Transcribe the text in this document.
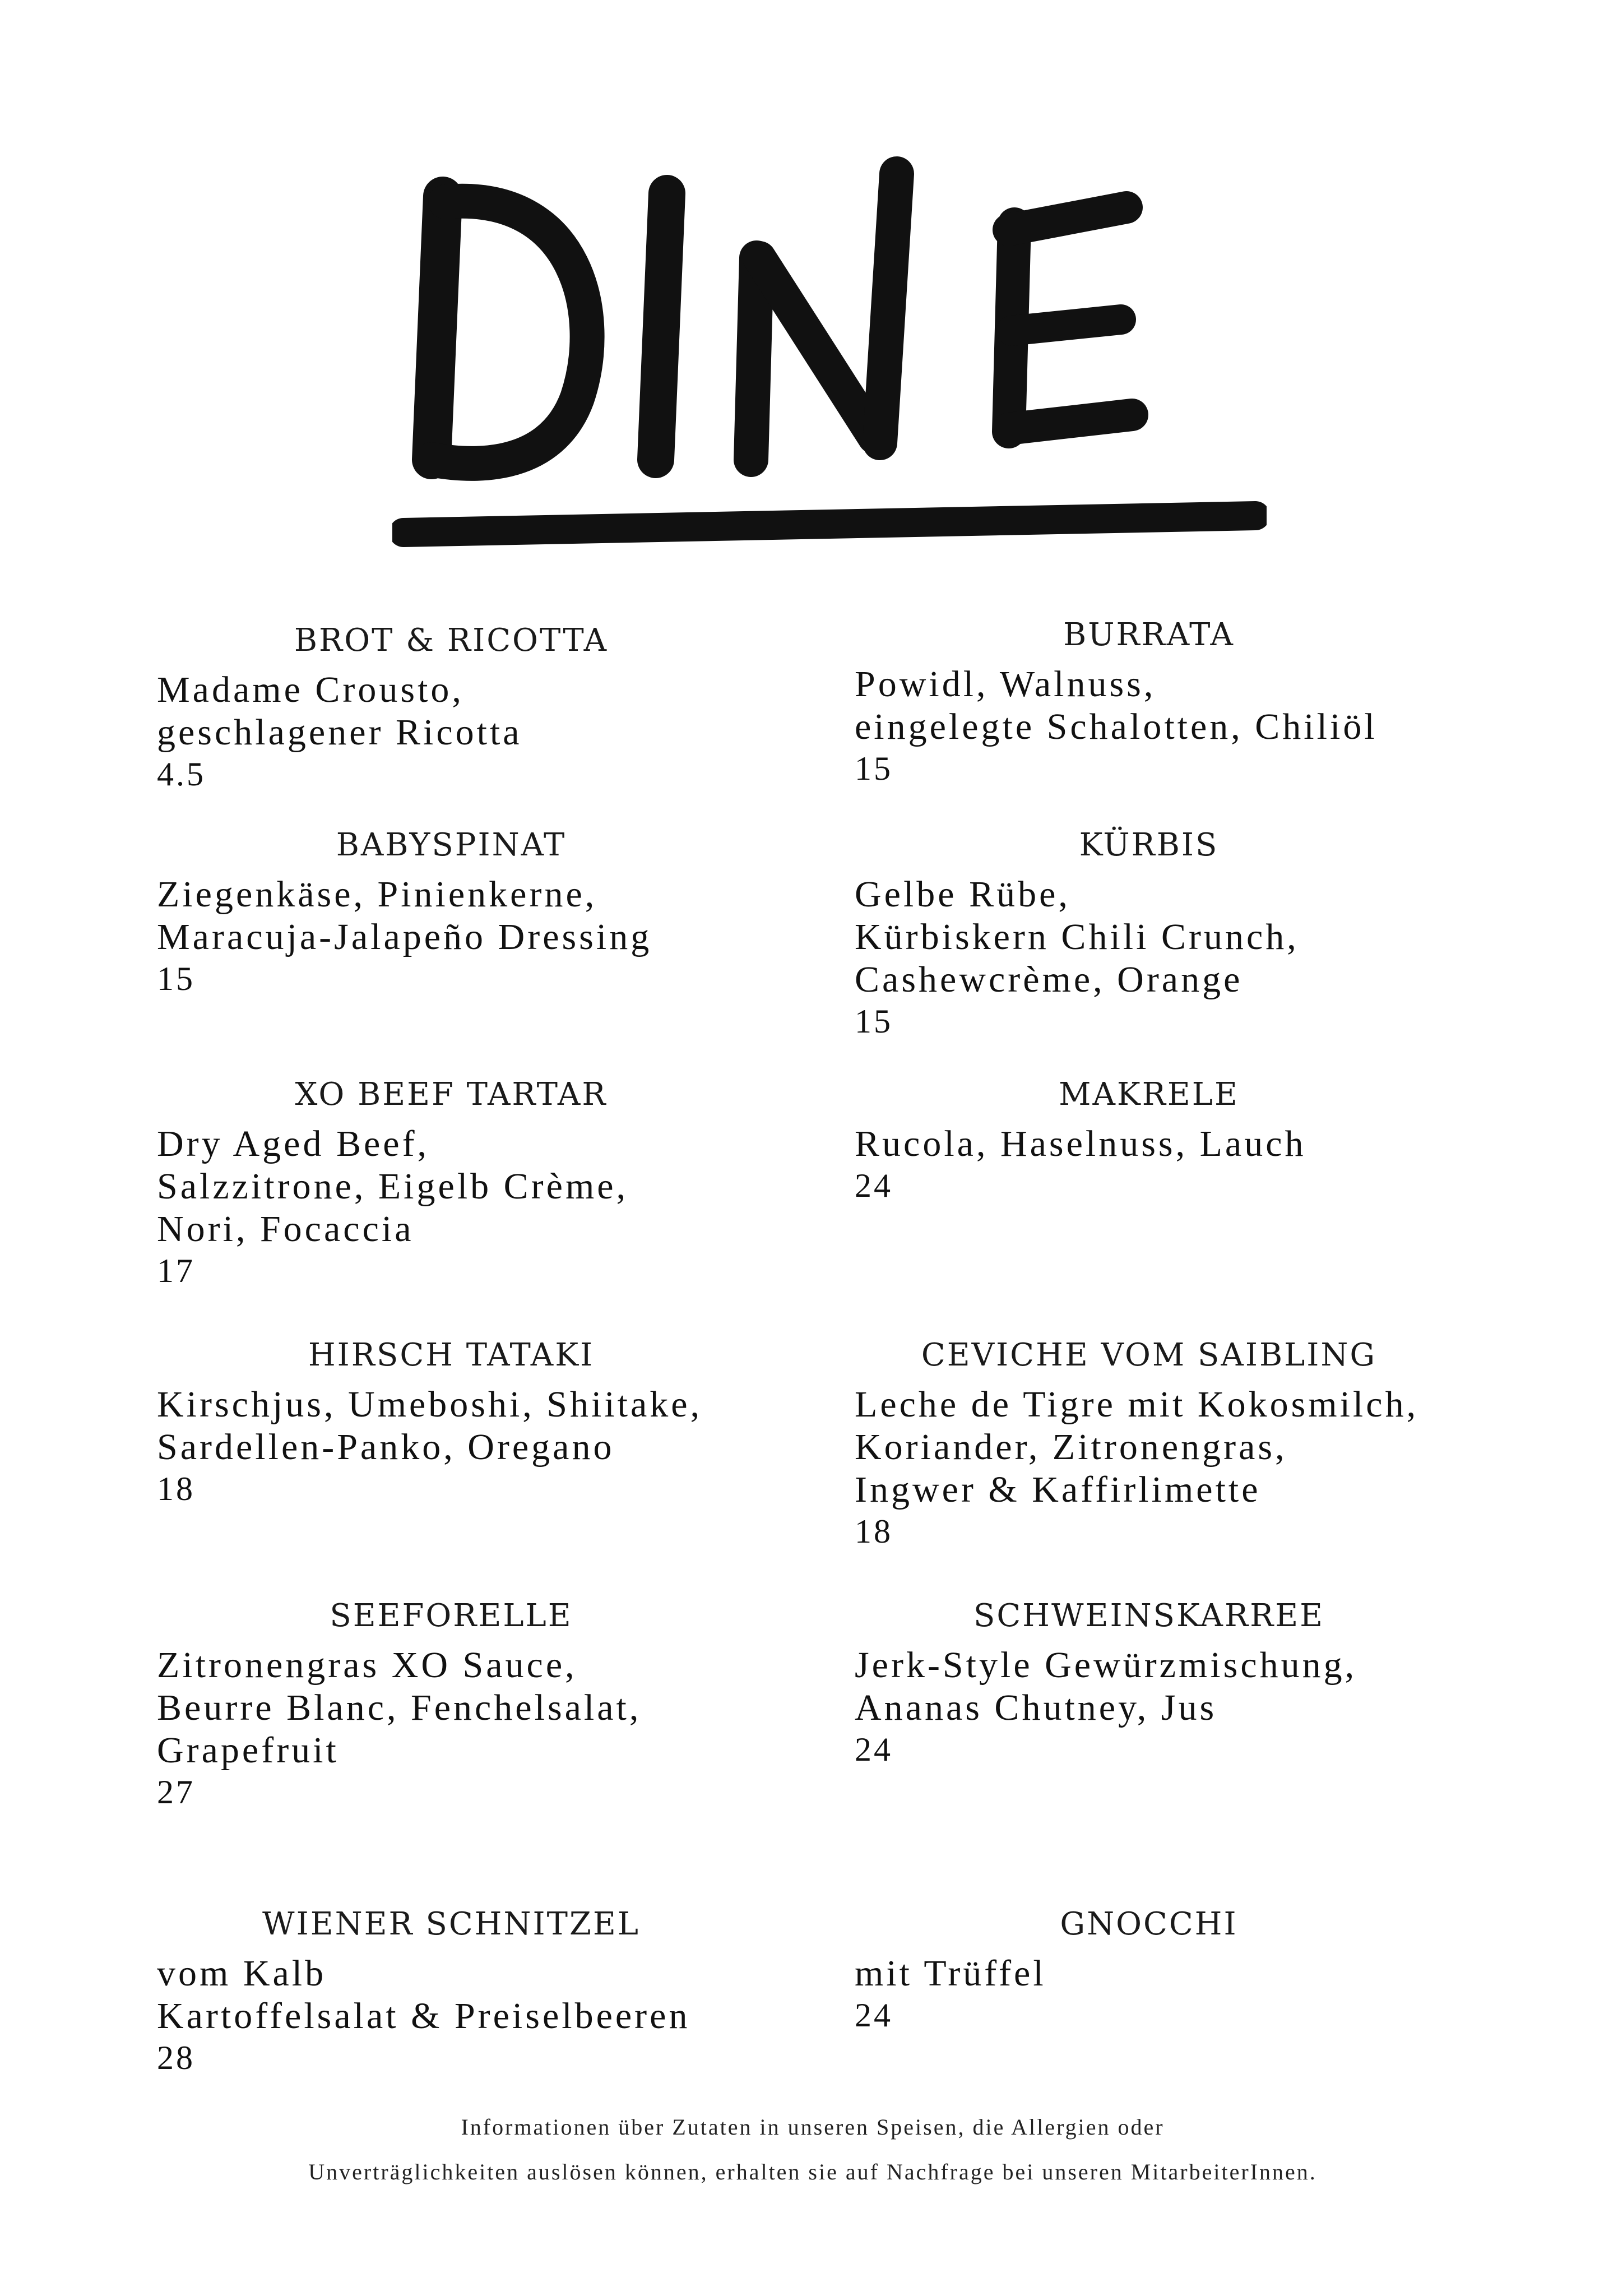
BROT & RICOTTA
Madame Crousto,
geschlagener Ricotta
4.5
BABYSPINAT
Ziegenkäse, Pinienkerne,
Maracuja-Jalapeño Dressing
15
XO BEEF TARTAR
Dry Aged Beef,
Salzzitrone, Eigelb Crème,
Nori, Focaccia
17
HIRSCH TATAKI
Kirschjus, Umeboshi, Shiitake,
Sardellen-Panko, Oregano
18
SEEFORELLE
Zitronengras XO Sauce,
Beurre Blanc, Fenchelsalat,
Grapefruit
27
WIENER SCHNITZEL
vom Kalb
Kartoffelsalat & Preiselbeeren
28
BURRATA
Powidl, Walnuss,
eingelegte Schalotten, Chiliöl
15
KÜRBIS
Gelbe Rübe,
Kürbiskern Chili Crunch,
Cashewcrème, Orange
15
MAKRELE
Rucola, Haselnuss, Lauch
24
CEVICHE VOM SAIBLING
Leche de Tigre mit Kokosmilch,
Koriander, Zitronengras,
Ingwer & Kaffirlimette
18
SCHWEINSKARREE
Jerk-Style Gewürzmischung,
Ananas Chutney, Jus
24
GNOCCHI
mit Trüffel
24
Informationen über Zutaten in unseren Speisen, die Allergien oder
Unverträglichkeiten auslösen können, erhalten sie auf Nachfrage bei unseren MitarbeiterInnen.
